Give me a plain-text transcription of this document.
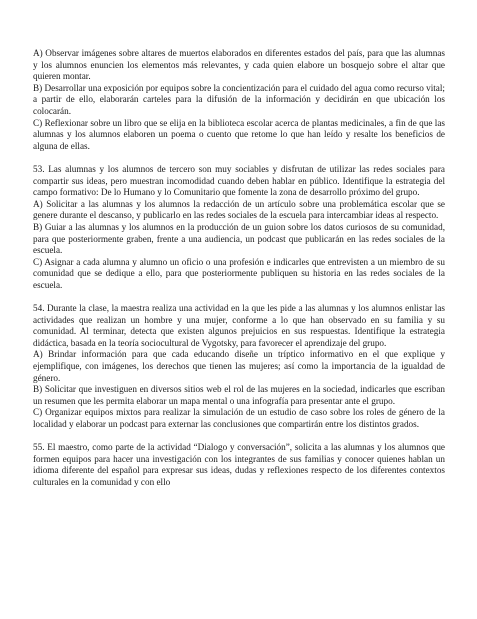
A) Observar imágenes sobre altares de muertos elaborados en diferentes estados del país, para que las alumnas y los alumnos enuncien los elementos más relevantes, y cada quien elabore un bosquejo sobre el altar que quieren montar.

B) Desarrollar una exposición por equipos sobre la concientización para el cuidado del agua como recurso vital; a partir de ello, elaborarán carteles para la difusión de la información y decidirán en que ubicación los colocarán.

C) Reflexionar sobre un libro que se elija en la biblioteca escolar acerca de plantas medicinales, a fin de que las alumnas y los alumnos elaboren un poema o cuento que retome lo que han leído y resalte los beneficios de alguna de ellas.

53. Las alumnas y los alumnos de tercero son muy sociables y disfrutan de utilizar las redes sociales para compartir sus ideas, pero muestran incomodidad cuando deben hablar en público. Identifique la estrategia del campo formativo: De lo Humano y lo Comunitario que fomente la zona de desarrollo próximo del grupo.

A) Solicitar a las alumnas y los alumnos la redacción de un artículo sobre una problemática escolar que se genere durante el descanso, y publicarlo en las redes sociales de la escuela para intercambiar ideas al respecto.

B) Guiar a las alumnas y los alumnos en la producción de un guion sobre los datos curiosos de su comunidad, para que posteriormente graben, frente a una audiencia, un podcast que publicarán en las redes sociales de la escuela.

C) Asignar a cada alumna y alumno un oficio o una profesión e indicarles que entrevisten a un miembro de su comunidad que se dedique a ello, para que posteriormente publiquen su historia en las redes sociales de la escuela.

54. Durante la clase, la maestra realiza una actividad en la que les pide a las alumnas y los alumnos enlistar las actividades que realizan un hombre y una mujer, conforme a lo que han observado en su familia y su comunidad. Al terminar, detecta que existen algunos prejuicios en sus respuestas. Identifique la estrategia didáctica, basada en la teoría sociocultural de Vygotsky, para favorecer el aprendizaje del grupo.

A) Brindar información para que cada educando diseñe un tríptico informativo en el que explique y ejemplifique, con imágenes, los derechos que tienen las mujeres; así como la importancia de la igualdad de género.

B) Solicitar que investiguen en diversos sitios web el rol de las mujeres en la sociedad, indicarles que escriban un resumen que les permita elaborar un mapa mental o una infografía para presentar ante el grupo.

C) Organizar equipos mixtos para realizar la simulación de un estudio de caso sobre los roles de género de la localidad y elaborar un podcast para externar las conclusiones que compartirán entre los distintos grados.

55. El maestro, como parte de la actividad “Dialogo y conversación”, solicita a las alumnas y los alumnos que formen equipos para hacer una investigación con los integrantes de sus familias y conocer quienes hablan un idioma diferente del español para expresar sus ideas, dudas y reflexiones respecto de los diferentes contextos culturales en la comunidad y con ello
